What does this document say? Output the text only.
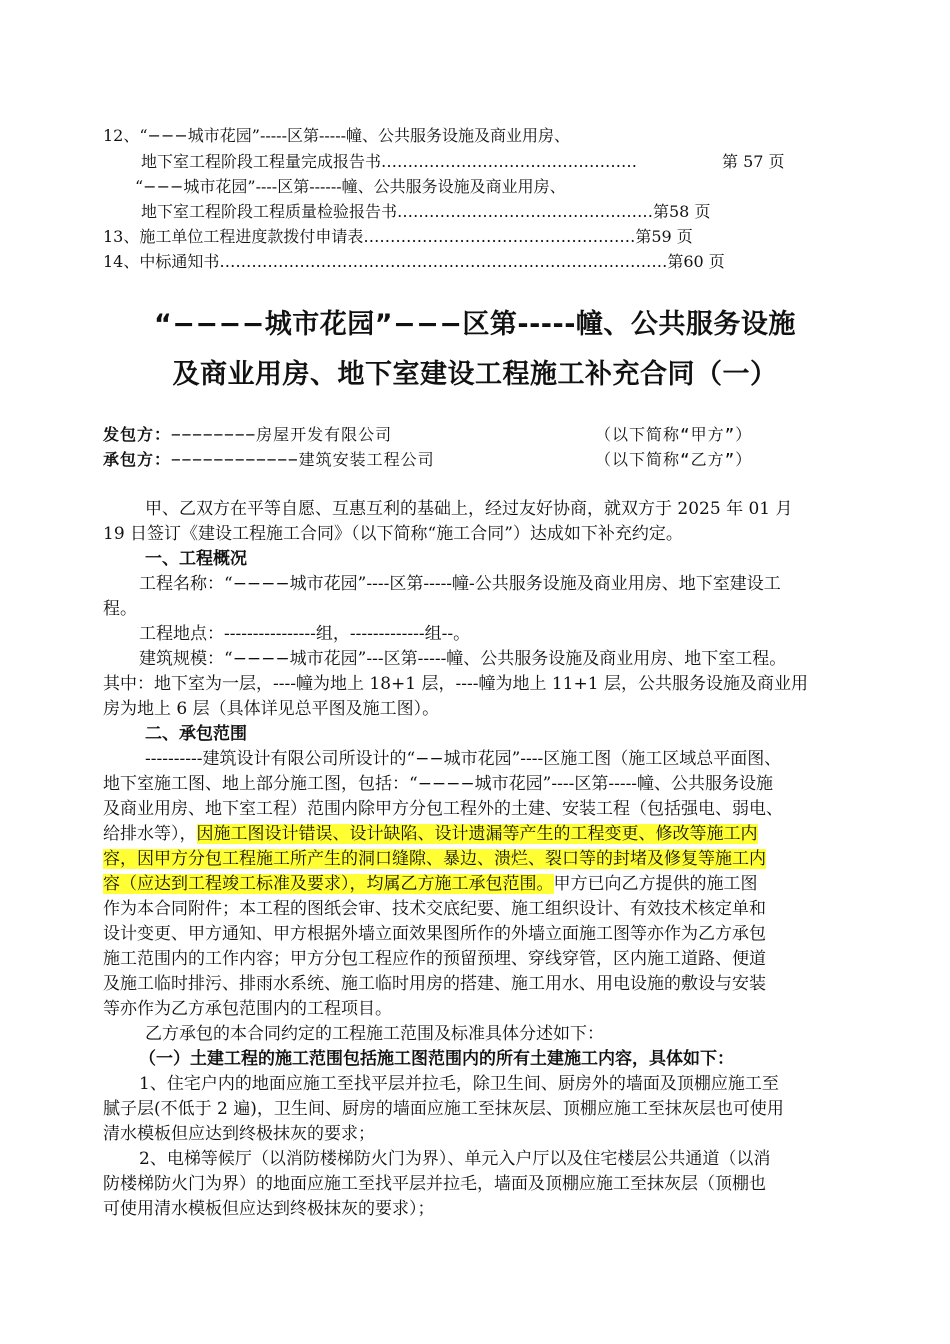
12、“−−−城市花园”-----区第-----幢、公共服务设施及商业用房、
地下室工程阶段工程量完成报告书…………………………………………	第 57 页
“−−−城市花园”----区第------幢、公共服务设施及商业用房、
地下室工程阶段工程质量检验报告书…………………………………………第58 页
13、施工单位工程进度款拨付申请表……………………………………………第59 页
14、中标通知书…………………………………………………………………………第60 页
“−−−−城市花园”−−−区第-----幢、公共服务设施
及商业用房、地下室建设工程施工补充合同（一）
发包方：−−−−−−−−房屋开发有限公司	（以下简称“甲方”）
承包方：−−−−−−−−−−−−建筑安装工程公司	（以下简称“乙方”）
甲、乙双方在平等自愿、互惠互利的基础上，经过友好协商，就双方于 2025 年 01 月
19 日签订《建设工程施工合同》（以下简称“施工合同”）达成如下补充约定。
一、工程概况
工程名称：“−−−−城市花园”----区第-----幢-公共服务设施及商业用房、地下室建设工
程。
工程地点：----------------组，-------------组--。
建筑规模：“−−−−城市花园”---区第-----幢、公共服务设施及商业用房、地下室工程。
其中：地下室为一层，----幢为地上 18+1 层，----幢为地上 11+1 层，公共服务设施及商业用
房为地上 6 层（具体详见总平图及施工图）。
二、承包范围
----------建筑设计有限公司所设计的“−−城市花园”----区施工图（施工区域总平面图、
地下室施工图、地上部分施工图，包括：“−−−−城市花园”----区第-----幢、公共服务设施
及商业用房、地下室工程）范围内除甲方分包工程外的土建、安装工程（包括强电、弱电、
给排水等），因施工图设计错误、设计缺陷、设计遗漏等产生的工程变更、修改等施工内
容，因甲方分包工程施工所产生的洞口缝隙、暴边、溃烂、裂口等的封堵及修复等施工内
容（应达到工程竣工标准及要求），均属乙方施工承包范围。甲方已向乙方提供的施工图
作为本合同附件；本工程的图纸会审、技术交底纪要、施工组织设计、有效技术核定单和
设计变更、甲方通知、甲方根据外墙立面效果图所作的外墙立面施工图等亦作为乙方承包
施工范围内的工作内容；甲方分包工程应作的预留预埋、穿线穿管，区内施工道路、便道
及施工临时排污、排雨水系统、施工临时用房的搭建、施工用水、用电设施的敷设与安装
等亦作为乙方承包范围内的工程项目。
乙方承包的本合同约定的工程施工范围及标准具体分述如下：
（一）土建工程的施工范围包括施工图范围内的所有土建施工内容，具体如下：
1、住宅户内的地面应施工至找平层并拉毛，除卫生间、厨房外的墙面及顶棚应施工至
腻子层(不低于 2 遍)，卫生间、厨房的墙面应施工至抹灰层、顶棚应施工至抹灰层也可使用
清水模板但应达到终极抹灰的要求；
2、电梯等候厅（以消防楼梯防火门为界）、单元入户厅以及住宅楼层公共通道（以消
防楼梯防火门为界）的地面应施工至找平层并拉毛，墙面及顶棚应施工至抹灰层（顶棚也
可使用清水模板但应达到终极抹灰的要求）；
